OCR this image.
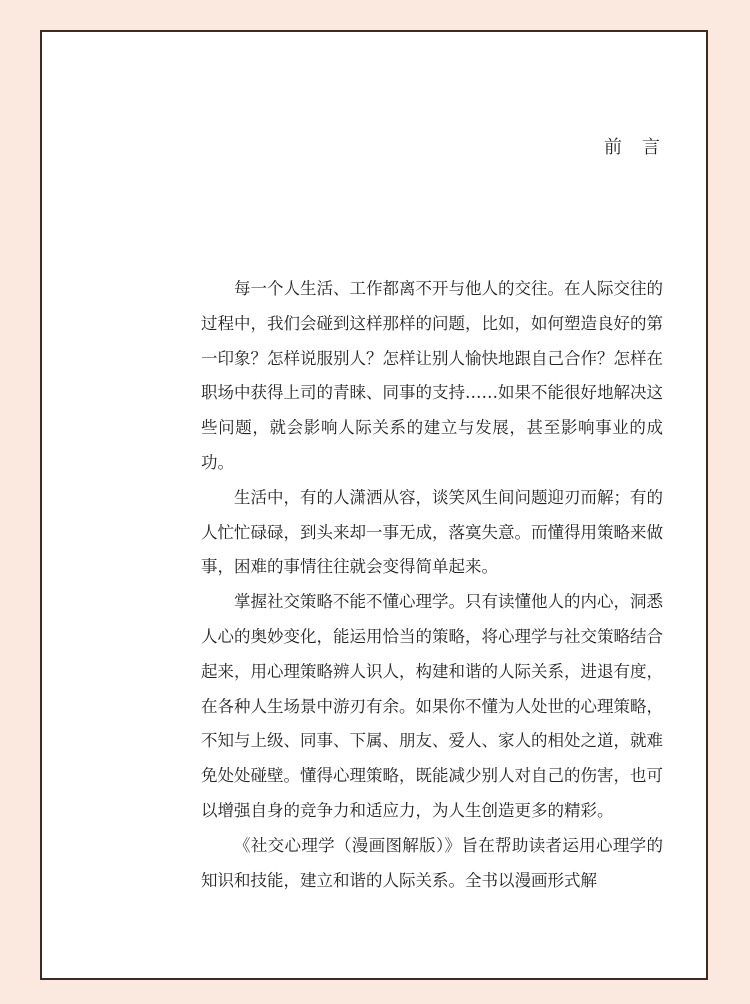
前　言

每一个人生活、工作都离不开与他人的交往。在人际交往的过程中，我们会碰到这样那样的问题，比如，如何塑造良好的第一印象？怎样说服别人？怎样让别人愉快地跟自己合作？怎样在职场中获得上司的青睐、同事的支持……如果不能很好地解决这些问题，就会影响人际关系的建立与发展，甚至影响事业的成功。

生活中，有的人潇洒从容，谈笑风生间问题迎刃而解；有的人忙忙碌碌，到头来却一事无成，落寞失意。而懂得用策略来做事，困难的事情往往就会变得简单起来。

掌握社交策略不能不懂心理学。只有读懂他人的内心，洞悉人心的奥妙变化，能运用恰当的策略，将心理学与社交策略结合起来，用心理策略辨人识人，构建和谐的人际关系，进退有度，在各种人生场景中游刃有余。如果你不懂为人处世的心理策略，不知与上级、同事、下属、朋友、爱人、家人的相处之道，就难免处处碰壁。懂得心理策略，既能减少别人对自己的伤害，也可以增强自身的竞争力和适应力，为人生创造更多的精彩。

《社交心理学（漫画图解版）》旨在帮助读者运用心理学的知识和技能，建立和谐的人际关系。全书以漫画形式解
